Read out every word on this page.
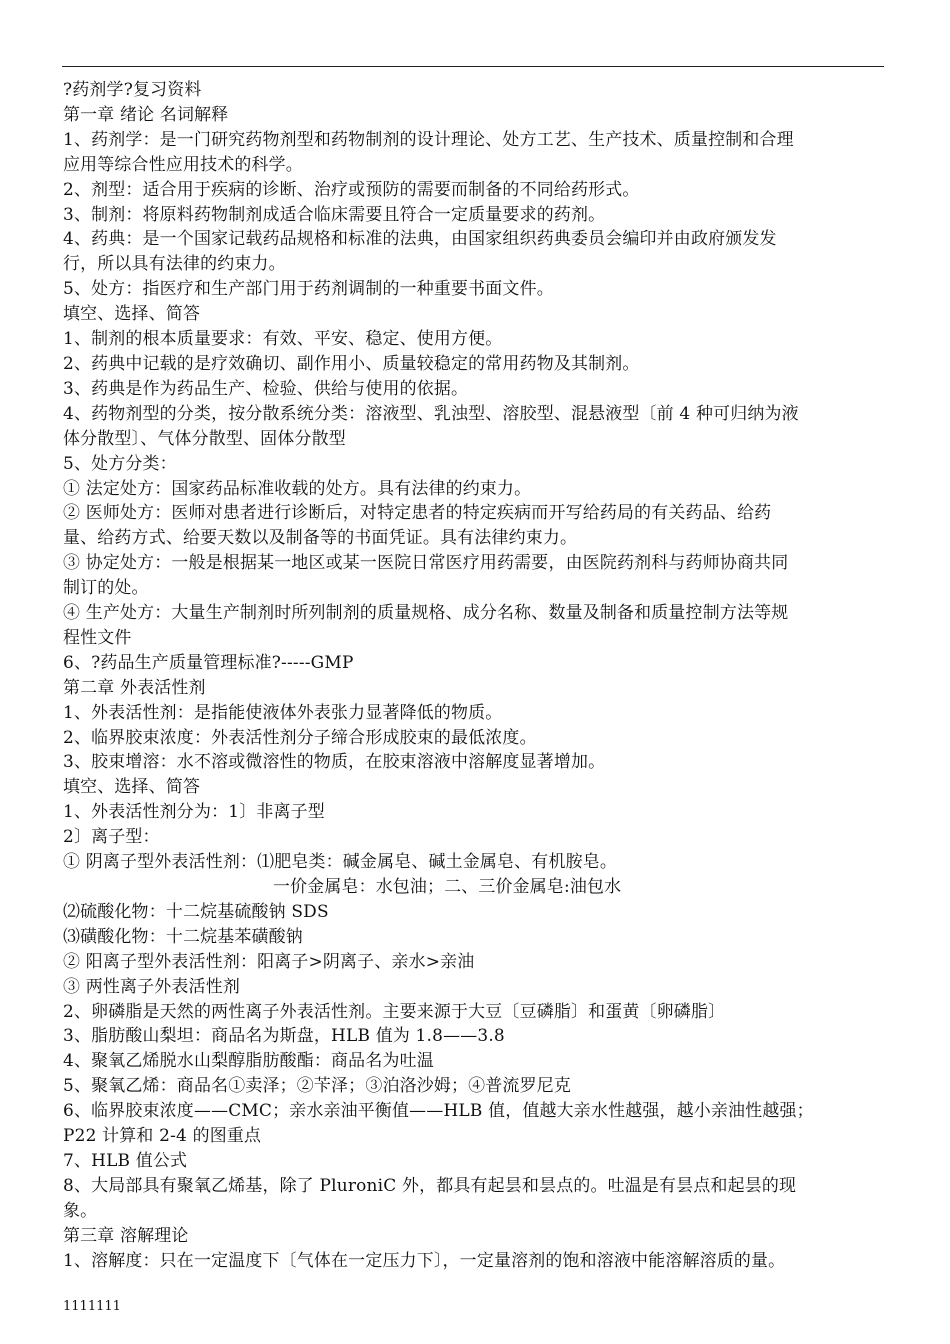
?药剂学?复习资料

第一章 绪论 名词解释

1、药剂学：是一门研究药物剂型和药物制剂的设计理论、处方工艺、生产技术、质量控制和合理

应用等综合性应用技术的科学。

2、剂型：适合用于疾病的诊断、治疗或预防的需要而制备的不同给药形式。

3、制剂：将原料药物制剂成适合临床需要且符合一定质量要求的药剂。

4、药典：是一个国家记载药品规格和标准的法典，由国家组织药典委员会编印并由政府颁发发

行，所以具有法律的约束力。

5、处方：指医疗和生产部门用于药剂调制的一种重要书面文件。

填空、选择、简答

1、制剂的根本质量要求：有效、平安、稳定、使用方便。

2、药典中记载的是疗效确切、副作用小、质量较稳定的常用药物及其制剂。

3、药典是作为药品生产、检验、供给与使用的依据。

4、药物剂型的分类，按分散系统分类：溶液型、乳浊型、溶胶型、混悬液型〔前 4 种可归纳为液

体分散型〕、气体分散型、固体分散型

5、处方分类：

① 法定处方：国家药品标准收载的处方。具有法律的约束力。

② 医师处方：医师对患者进行诊断后，对特定患者的特定疾病而开写给药局的有关药品、给药

量、给药方式、给要天数以及制备等的书面凭证。具有法律约束力。

③ 协定处方：一般是根据某一地区或某一医院日常医疗用药需要，由医院药剂科与药师协商共同

制订的处。

④ 生产处方：大量生产制剂时所列制剂的质量规格、成分名称、数量及制备和质量控制方法等规

程性文件

6、?药品生产质量管理标准?-----GMP

第二章 外表活性剂

1、外表活性剂：是指能使液体外表张力显著降低的物质。

2、临界胶束浓度：外表活性剂分子缔合形成胶束的最低浓度。

3、胶束增溶：水不溶或微溶性的物质，在胶束溶液中溶解度显著增加。

填空、选择、简答

1、外表活性剂分为：1〕非离子型

2〕离子型：

① 阴离子型外表活性剂：⑴肥皂类：碱金属皂、碱土金属皂、有机胺皂。

一价金属皂：水包油；二、三价金属皂:油包水

⑵硫酸化物：十二烷基硫酸钠 SDS

⑶磺酸化物：十二烷基苯磺酸钠

② 阳离子型外表活性剂：阳离子>阴离子、亲水>亲油

③ 两性离子外表活性剂

2、卵磷脂是天然的两性离子外表活性剂。主要来源于大豆〔豆磷脂〕和蛋黄〔卵磷脂〕

3、脂肪酸山梨坦：商品名为斯盘，HLB 值为 1.8——3.8

4、聚氧乙烯脱水山梨醇脂肪酸酯：商品名为吐温

5、聚氧乙烯：商品名①卖泽；②苄泽；③泊洛沙姆；④普流罗尼克

6、临界胶束浓度——CMC；亲水亲油平衡值——HLB 值，值越大亲水性越强，越小亲油性越强；

P22 计算和 2-4 的图重点

7、HLB 值公式

8、大局部具有聚氧乙烯基，除了 PluroniC 外，都具有起昙和昙点的。吐温是有昙点和起昙的现

象。

第三章 溶解理论

1、溶解度：只在一定温度下〔气体在一定压力下〕，一定量溶剂的饱和溶液中能溶解溶质的量。

1111111
